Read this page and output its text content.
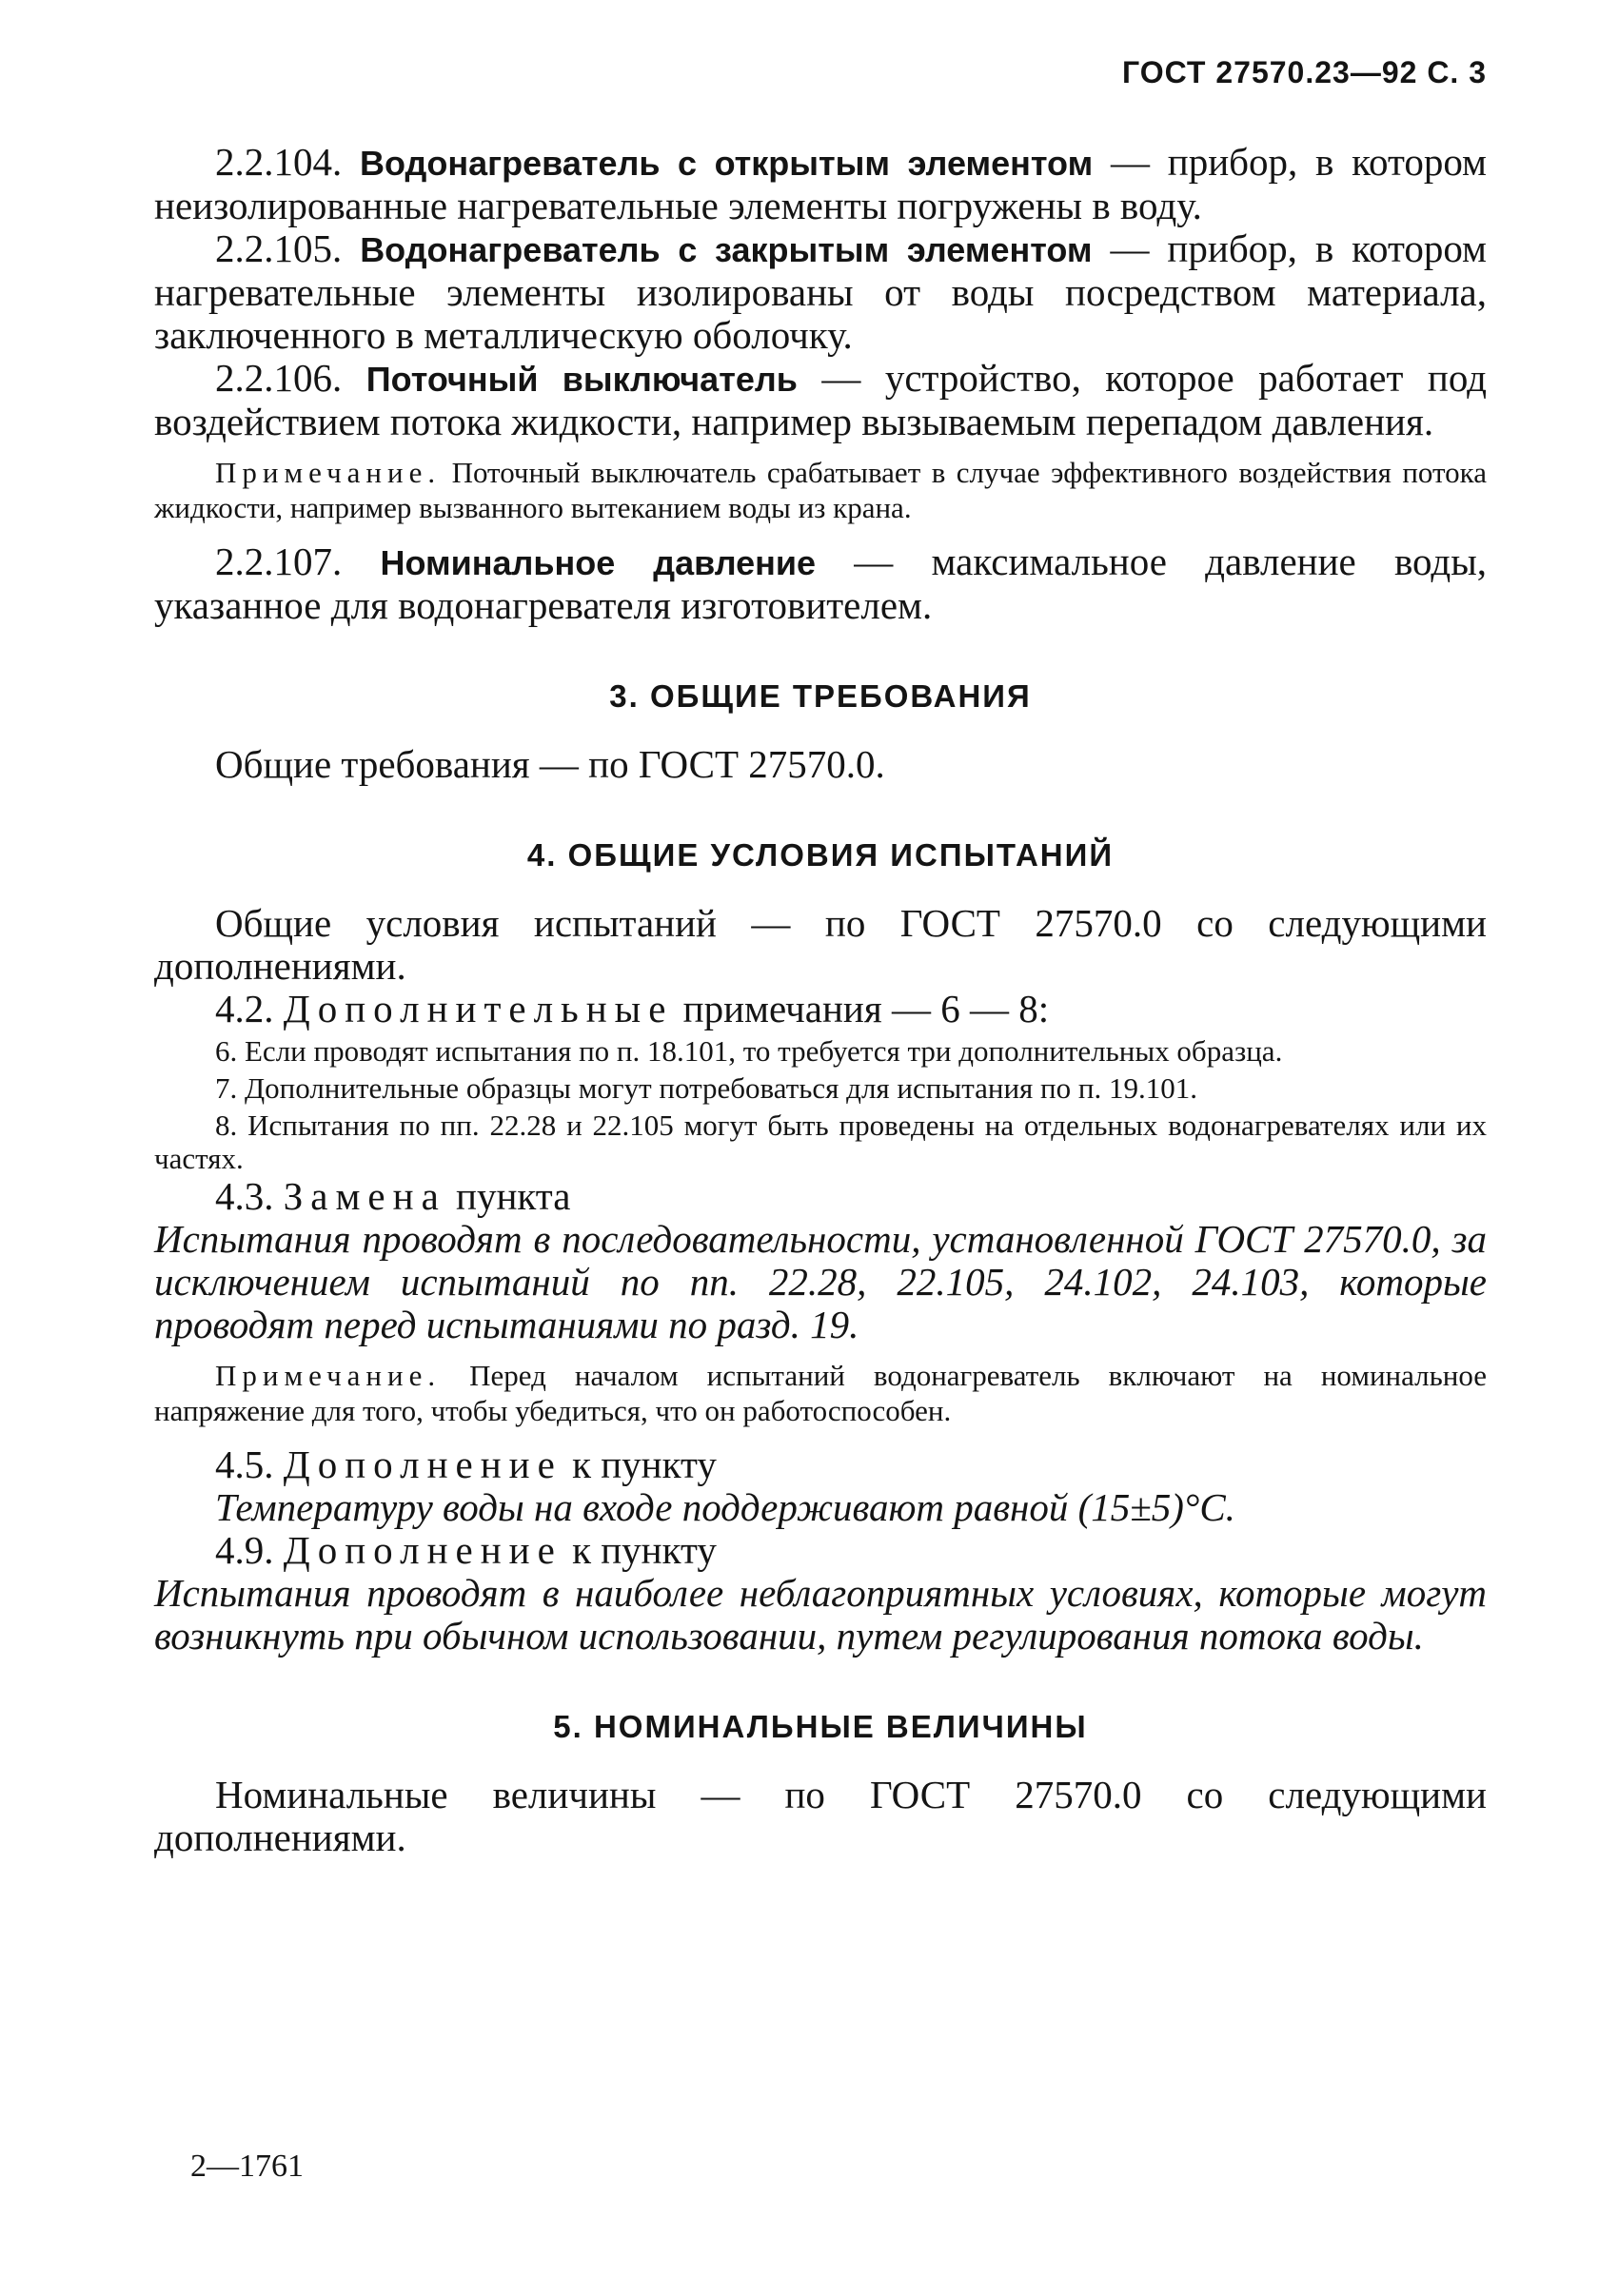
ГОСТ 27570.23—92 С. 3

2.2.104. Водонагреватель с открытым элементом — прибор, в котором неизолированные нагревательные элементы погружены в воду.

2.2.105. Водонагреватель с закрытым элементом — прибор, в котором нагревательные элементы изолированы от воды посредством материала, заключенного в металлическую оболочку.

2.2.106. Поточный выключатель — устройство, которое работает под воздействием потока жидкости, например вызываемым перепадом давления.

Примечание. Поточный выключатель срабатывает в случае эффективного воздействия потока жидкости, например вызванного вытеканием воды из крана.

2.2.107. Номинальное давление — максимальное давление воды, указанное для водонагревателя изготовителем.

3. ОБЩИЕ ТРЕБОВАНИЯ

Общие требования — по ГОСТ 27570.0.

4. ОБЩИЕ УСЛОВИЯ ИСПЫТАНИЙ

Общие условия испытаний — по ГОСТ 27570.0 со следующими дополнениями.

4.2. Дополнительные примечания — 6 — 8:

6. Если проводят испытания по п. 18.101, то требуется три дополнительных образца.

7. Дополнительные образцы могут потребоваться для испытания по п. 19.101.

8. Испытания по пп. 22.28 и 22.105 могут быть проведены на отдельных водонагревателях или их частях.

4.3. Замена пункта

Испытания проводят в последовательности, установленной ГОСТ 27570.0, за исключением испытаний по пп. 22.28, 22.105, 24.102, 24.103, которые проводят перед испытаниями по разд. 19.

Примечание. Перед началом испытаний водонагреватель включают на номинальное напряжение для того, чтобы убедиться, что он работоспособен.

4.5. Дополнение к пункту

Температуру воды на входе поддерживают равной (15±5)°С.

4.9. Дополнение к пункту

Испытания проводят в наиболее неблагоприятных условиях, которые могут возникнуть при обычном использовании, путем регулирования потока воды.

5. НОМИНАЛЬНЫЕ ВЕЛИЧИНЫ

Номинальные величины — по ГОСТ 27570.0 со следующими дополнениями.

2—1761
